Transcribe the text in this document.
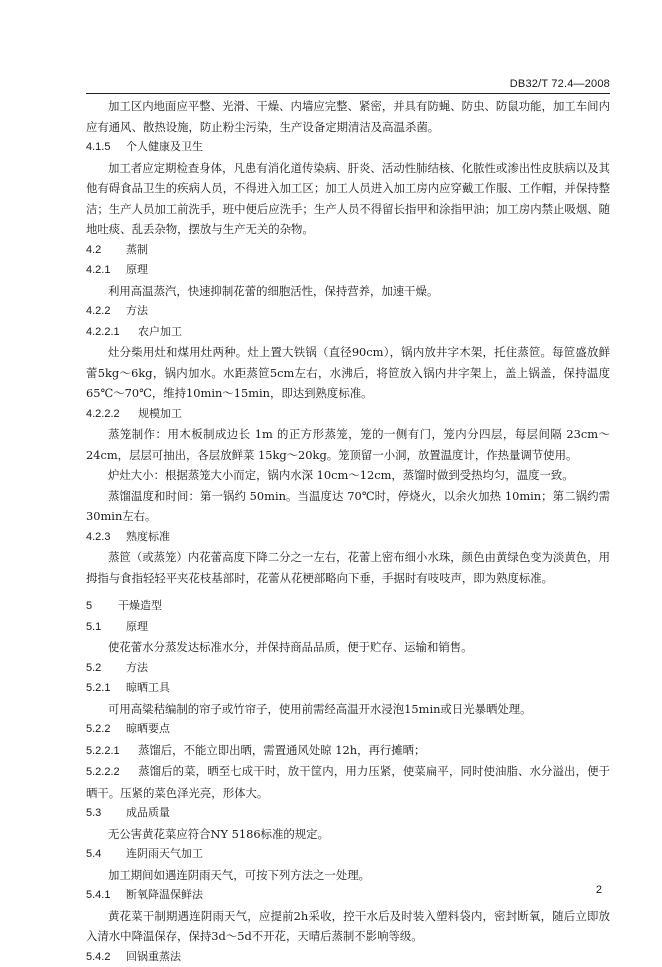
DB32/T 72.4—2008

加工区内地面应平整、光滑、干燥、内墙应完整、紧密，并具有防蝇、防虫、防鼠功能，加工车间内应有通风、散热设施，防止粉尘污染，生产设备定期清洁及高温杀菌。

4.1.5 个人健康及卫生

加工者应定期检查身体，凡患有消化道传染病、肝炎、活动性肺结核、化脓性或渗出性皮肤病以及其他有碍食品卫生的疾病人员，不得进入加工区；加工人员进入加工房内应穿戴工作服、工作帽，并保持整洁；生产人员加工前洗手，班中便后应洗手；生产人员不得留长指甲和涂指甲油；加工房内禁止吸烟、随地吐痰、乱丢杂物，摆放与生产无关的杂物。

4.2 蒸制

4.2.1 原理

利用高温蒸汽，快速抑制花蕾的细胞活性，保持营养，加速干燥。

4.2.2 方法

4.2.2.1 农户加工

灶分柴用灶和煤用灶两种。灶上置大铁锅（直径90cm），锅内放井字木架，托住蒸笸。每笸盛放鲜蕾5kg～6kg，锅内加水。水距蒸笸5cm左右，水沸后，将笸放入锅内井字架上，盖上锅盖，保持温度65℃～70℃，维持10min～15min，即达到熟度标准。

4.2.2.2 规模加工

蒸笼制作：用木板制成边长 1m 的正方形蒸笼，笼的一侧有门，笼内分四层，每层间隔 23cm～24cm，层层可抽出，各层放鲜菜 15kg～20kg。笼顶留一小洞，放置温度计，作热量调节使用。

炉灶大小：根据蒸笼大小而定，锅内水深 10cm～12cm，蒸馏时做到受热均匀，温度一致。

蒸馏温度和时间：第一锅约 50min。当温度达 70℃时，停烧火，以余火加热 10min；第二锅约需 30min左右。

4.2.3 熟度标准

蒸笸（或蒸笼）内花蕾高度下降二分之一左右，花蕾上密布细小水珠，颜色由黄绿色变为淡黄色，用拇指与食指轻轻平夹花枝基部时，花蕾从花梗部略向下垂，手据时有吱吱声，即为熟度标准。

5 干燥造型

5.1 原理

使花蕾水分蒸发达标准水分，并保持商品品质，便于贮存、运输和销售。

5.2 方法

5.2.1 晾晒工具

可用高粱秸编制的帘子或竹帘子，使用前需经高温开水浸泡15min或日光暴晒处理。

5.2.2 晾晒要点

5.2.2.1 蒸馏后，不能立即出晒，需置通风处晾 12h，再行摊晒；

5.2.2.2 蒸馏后的菜，晒至七成干时，放干筐内，用力压紧，使菜扁平，同时使油脂、水分溢出，便于晒干。压紧的菜色泽光亮，形体大。

5.3 成品质量

无公害黄花菜应符合NY 5186标准的规定。

5.4 连阴雨天气加工

加工期间如遇连阴雨天气，可按下列方法之一处理。

5.4.1 断氧降温保鲜法

黄花菜干制期遇连阴雨天气，应提前2h采收，控干水后及时装入塑料袋内，密封断氧，随后立即放入清水中降温保存，保持3d～5d不开花，天晴后蒸制不影响等级。

5.4.2 回锅重蒸法

2
